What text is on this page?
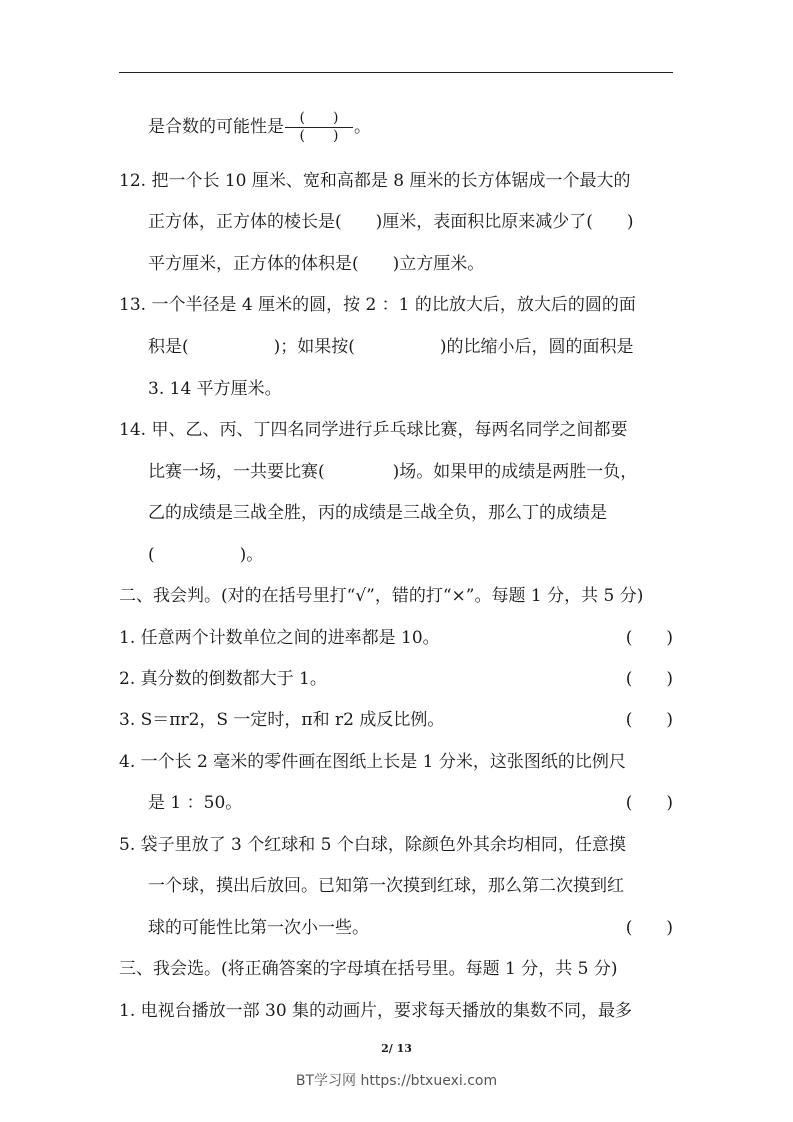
是合数的可能性是 $\frac{( )}{( )}$ 。
12. 把一个长 10 厘米、宽和高都是 8 厘米的长方体锯成一个最大的
正方体，正方体的棱长是(　　)厘米，表面积比原来减少了(　　)
平方厘米，正方体的体积是(　　)立方厘米。
13. 一个半径是 4 厘米的圆，按 2 ：1 的比放大后，放大后的圆的面
积是(　　　　　)；如果按(　　　　　)的比缩小后，圆的面积是
3. 14 平方厘米。
14. 甲、乙、丙、丁四名同学进行乒乓球比赛，每两名同学之间都要
比赛一场，一共要比赛(　　　　)场。如果甲的成绩是两胜一负，
乙的成绩是三战全胜，丙的成绩是三战全负，那么丁的成绩是
(　　　　　)。
二、我会判。(对的在括号里打“√”，错的打“×”。每题 1 分，共 5 分)
1. 任意两个计数单位之间的进率都是 10。	(　　)
2. 真分数的倒数都大于 1。	(　　)
3. S＝πr2，S 一定时，π和 r2 成反比例。	(　　)
4. 一个长 2 毫米的零件画在图纸上长是 1 分米，这张图纸的比例尺
是 1 ：50。	(　　)
5. 袋子里放了 3 个红球和 5 个白球，除颜色外其余均相同，任意摸
一个球，摸出后放回。已知第一次摸到红球，那么第二次摸到红
球的可能性比第一次小一些。	(　　)
三、我会选。(将正确答案的字母填在括号里。每题 1 分，共 5 分)
1. 电视台播放一部 30 集的动画片，要求每天播放的集数不同，最多
2/ 13
BT学习网 https://btxuexi.com
